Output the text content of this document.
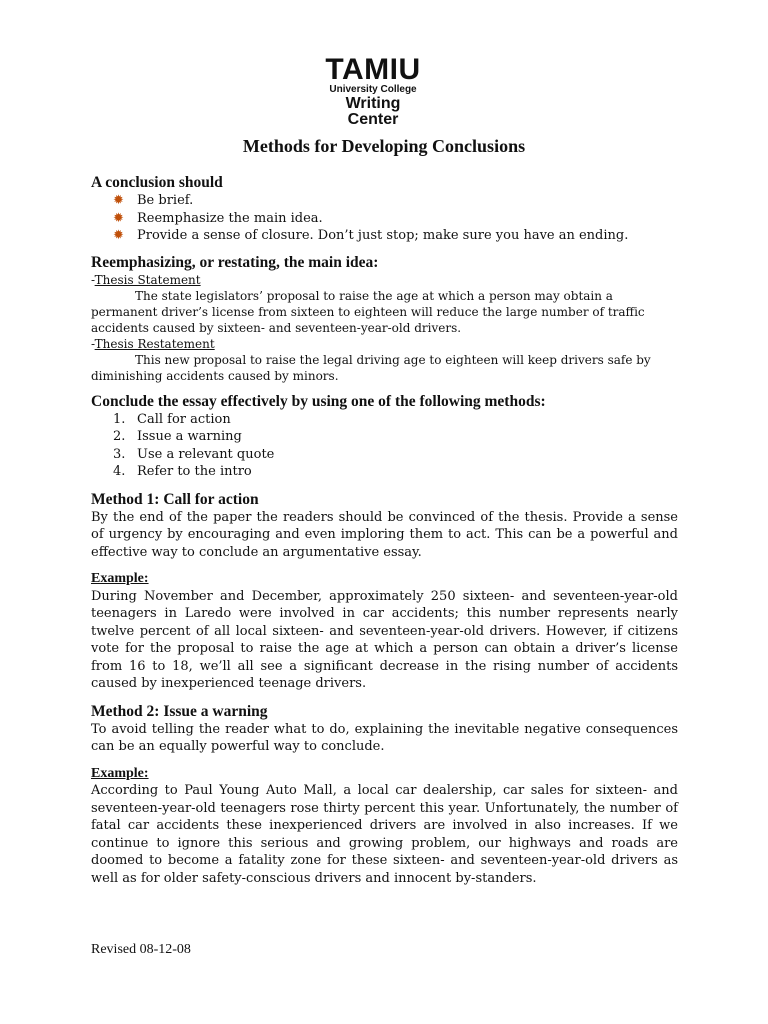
TAMIU
University College
Writing
Center
Methods for Developing Conclusions
A conclusion should
✹ Be brief.
✹ Reemphasize the main idea.
✹ Provide a sense of closure. Don’t just stop; make sure you have an ending.
Reemphasizing, or restating, the main idea:
-Thesis Statement
The state legislators’ proposal to raise the age at which a person may obtain a permanent driver’s license from sixteen to eighteen will reduce the large number of traffic accidents caused by sixteen- and seventeen-year-old drivers.
-Thesis Restatement
This new proposal to raise the legal driving age to eighteen will keep drivers safe by diminishing accidents caused by minors.
Conclude the essay effectively by using one of the following methods:
1. Call for action
2. Issue a warning
3. Use a relevant quote
4. Refer to the intro
Method 1: Call for action
By the end of the paper the readers should be convinced of the thesis. Provide a sense of urgency by encouraging and even imploring them to act. This can be a powerful and effective way to conclude an argumentative essay.
Example:
During November and December, approximately 250 sixteen- and seventeen-year-old teenagers in Laredo were involved in car accidents; this number represents nearly twelve percent of all local sixteen- and seventeen-year-old drivers. However, if citizens vote for the proposal to raise the age at which a person can obtain a driver’s license from 16 to 18, we’ll all see a significant decrease in the rising number of accidents caused by inexperienced teenage drivers.
Method 2: Issue a warning
To avoid telling the reader what to do, explaining the inevitable negative consequences can be an equally powerful way to conclude.
Example:
According to Paul Young Auto Mall, a local car dealership, car sales for sixteen- and seventeen-year-old teenagers rose thirty percent this year. Unfortunately, the number of fatal car accidents these inexperienced drivers are involved in also increases. If we continue to ignore this serious and growing problem, our highways and roads are doomed to become a fatality zone for these sixteen- and seventeen-year-old drivers as well as for older safety-conscious drivers and innocent by-standers.
Revised 08-12-08
